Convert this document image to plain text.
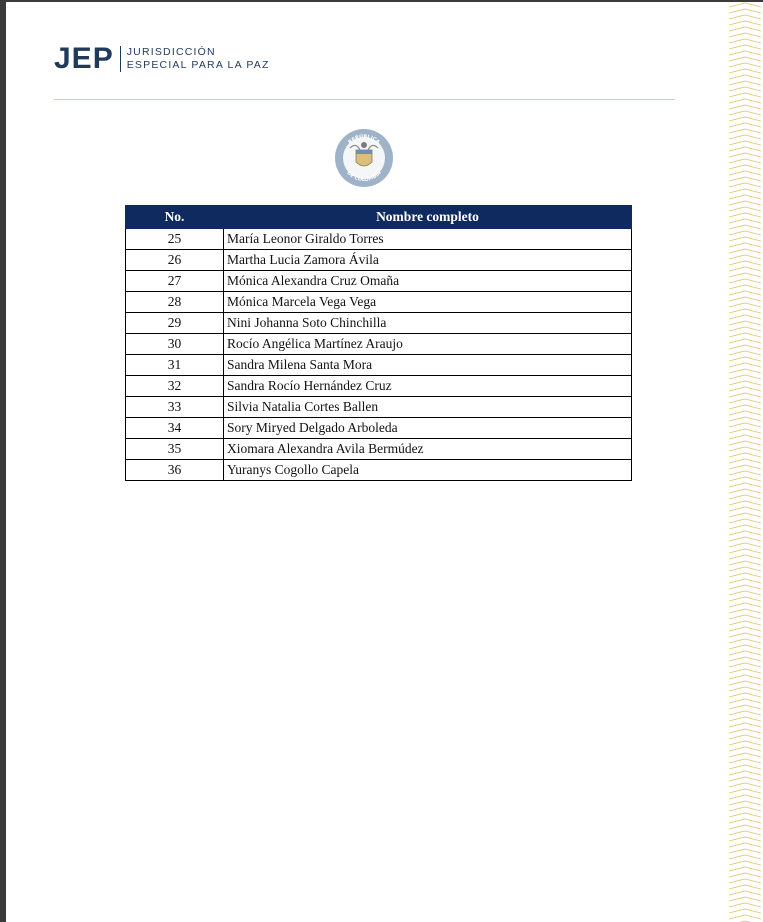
JEP JURISDICCIÓN
ESPECIAL PARA LA PAZ
REPÚBLICA
DE COLOMBIA
No.	Nombre completo
25	María Leonor Giraldo Torres
26	Martha Lucia Zamora Ávila
27	Mónica Alexandra Cruz Omaña
28	Mónica Marcela Vega Vega
29	Nini Johanna Soto Chinchilla
30	Rocío Angélica Martínez Araujo
31	Sandra Milena Santa Mora
32	Sandra Rocío Hernández Cruz
33	Silvia Natalia Cortes Ballen
34	Sory Miryed Delgado Arboleda
35	Xiomara Alexandra Avila Bermúdez
36	Yuranys Cogollo Capela
